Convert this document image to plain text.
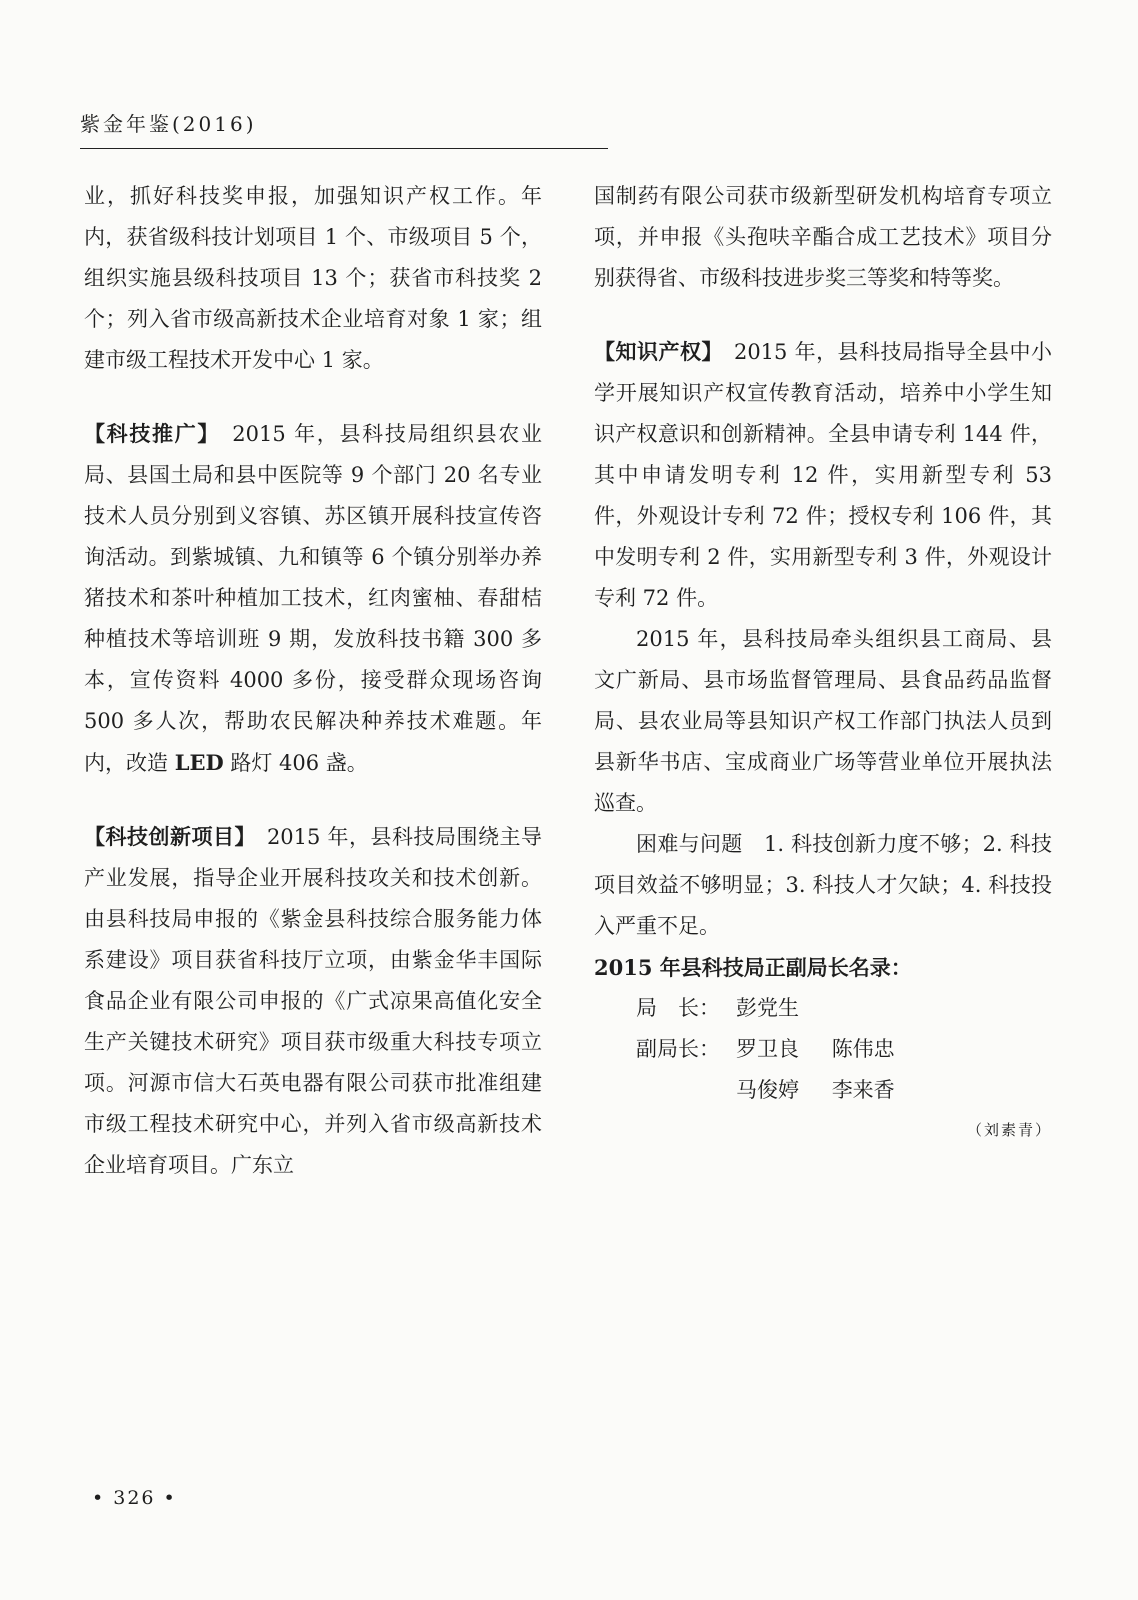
紫金年鉴(2016)

业，抓好科技奖申报，加强知识产权工作。年内，获省级科技计划项目 1 个、市级项目 5 个，组织实施县级科技项目 13 个；获省市科技奖 2 个；列入省市级高新技术企业培育对象 1 家；组建市级工程技术开发中心 1 家。

【科技推广】　2015 年，县科技局组织县农业局、县国土局和县中医院等 9 个部门 20 名专业技术人员分别到义容镇、苏区镇开展科技宣传咨询活动。到紫城镇、九和镇等 6 个镇分别举办养猪技术和茶叶种植加工技术，红肉蜜柚、春甜桔种植技术等培训班 9 期，发放科技书籍 300 多本，宣传资料 4000 多份，接受群众现场咨询 500 多人次，帮助农民解决种养技术难题。年内，改造 LED 路灯 406 盏。

【科技创新项目】　2015 年，县科技局围绕主导产业发展，指导企业开展科技攻关和技术创新。由县科技局申报的《紫金县科技综合服务能力体系建设》项目获省科技厅立项，由紫金华丰国际食品企业有限公司申报的《广式凉果高值化安全生产关键技术研究》项目获市级重大科技专项立项。河源市信大石英电器有限公司获市批准组建市级工程技术研究中心，并列入省市级高新技术企业培育项目。广东立

国制药有限公司获市级新型研发机构培育专项立项，并申报《头孢呋辛酯合成工艺技术》项目分别获得省、市级科技进步奖三等奖和特等奖。

【知识产权】　2015 年，县科技局指导全县中小学开展知识产权宣传教育活动，培养中小学生知识产权意识和创新精神。全县申请专利 144 件，其中申请发明专利 12 件，实用新型专利 53 件，外观设计专利 72 件；授权专利 106 件，其中发明专利 2 件，实用新型专利 3 件，外观设计专利 72 件。

2015 年，县科技局牵头组织县工商局、县文广新局、县市场监督管理局、县食品药品监督局、县农业局等县知识产权工作部门执法人员到县新华书店、宝成商业广场等营业单位开展执法巡查。

困难与问题　1. 科技创新力度不够；2. 科技项目效益不够明显；3. 科技人才欠缺；4. 科技投入严重不足。

2015 年县科技局正副局长名录：
局　长： 彭党生
副局长： 罗卫良 陈伟忠
马俊婷 李来香
（刘素青）
• 326 •
